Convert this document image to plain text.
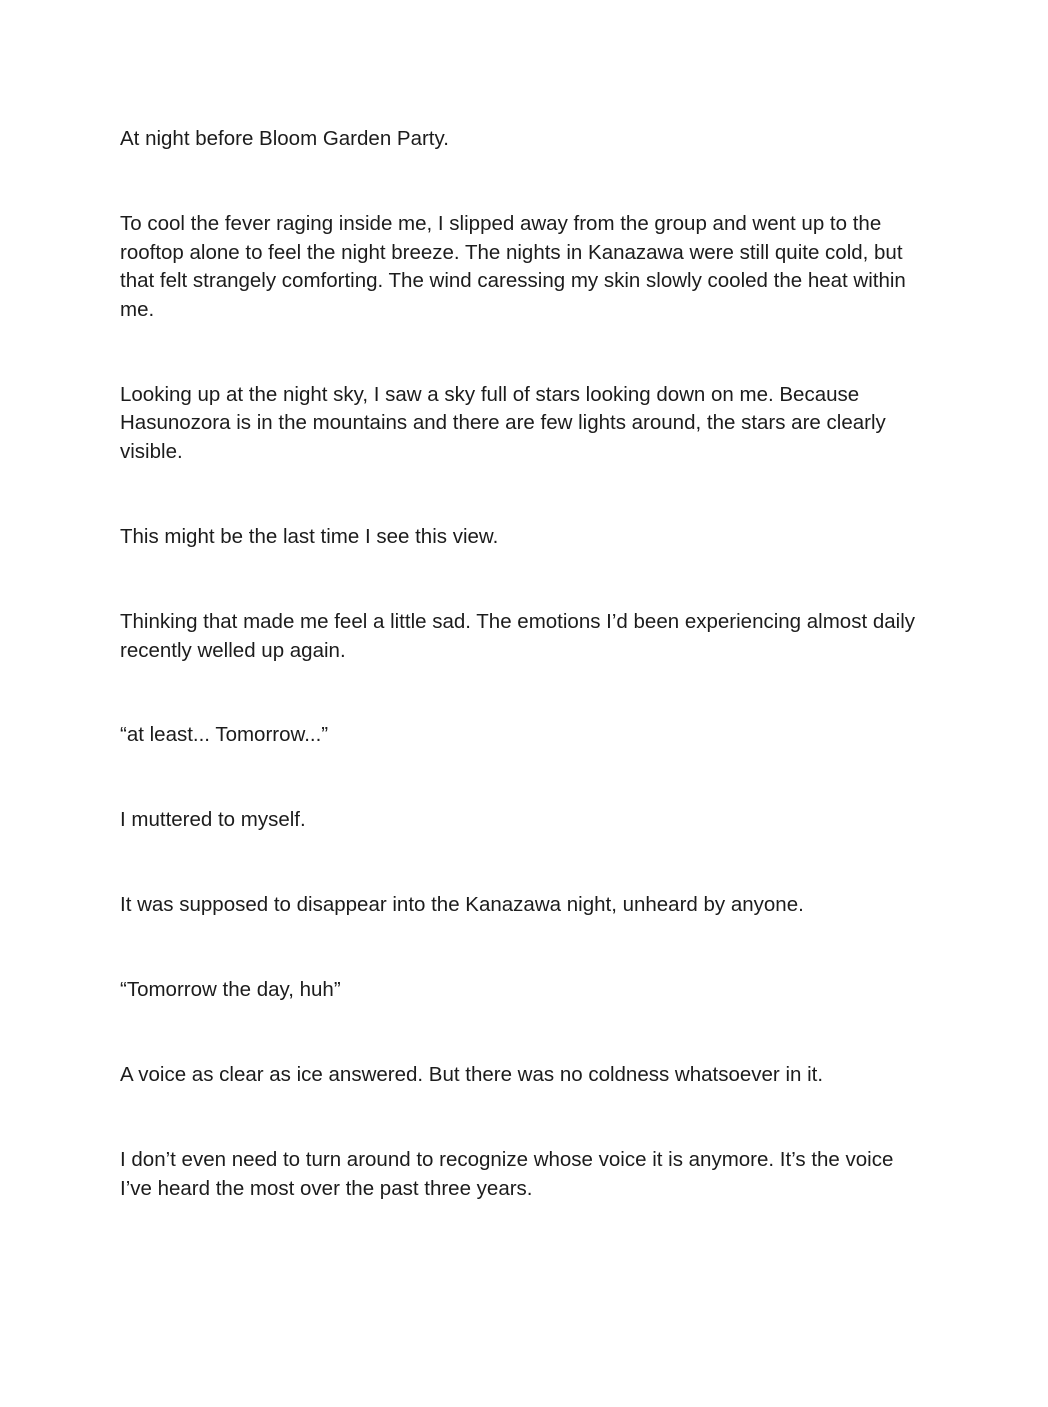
At night before Bloom Garden Party.

To cool the fever raging inside me, I slipped away from the group and went up to the rooftop alone to feel the night breeze. The nights in Kanazawa were still quite cold, but that felt strangely comforting. The wind caressing my skin slowly cooled the heat within me.

Looking up at the night sky, I saw a sky full of stars looking down on me. Because Hasunozora is in the mountains and there are few lights around, the stars are clearly visible.

This might be the last time I see this view.

Thinking that made me feel a little sad. The emotions I’d been experiencing almost daily recently welled up again.

“at least... Tomorrow...”

I muttered to myself.

It was supposed to disappear into the Kanazawa night, unheard by anyone.

“Tomorrow the day, huh”

A voice as clear as ice answered. But there was no coldness whatsoever in it.

I don’t even need to turn around to recognize whose voice it is anymore. It’s the voice I’ve heard the most over the past three years.
